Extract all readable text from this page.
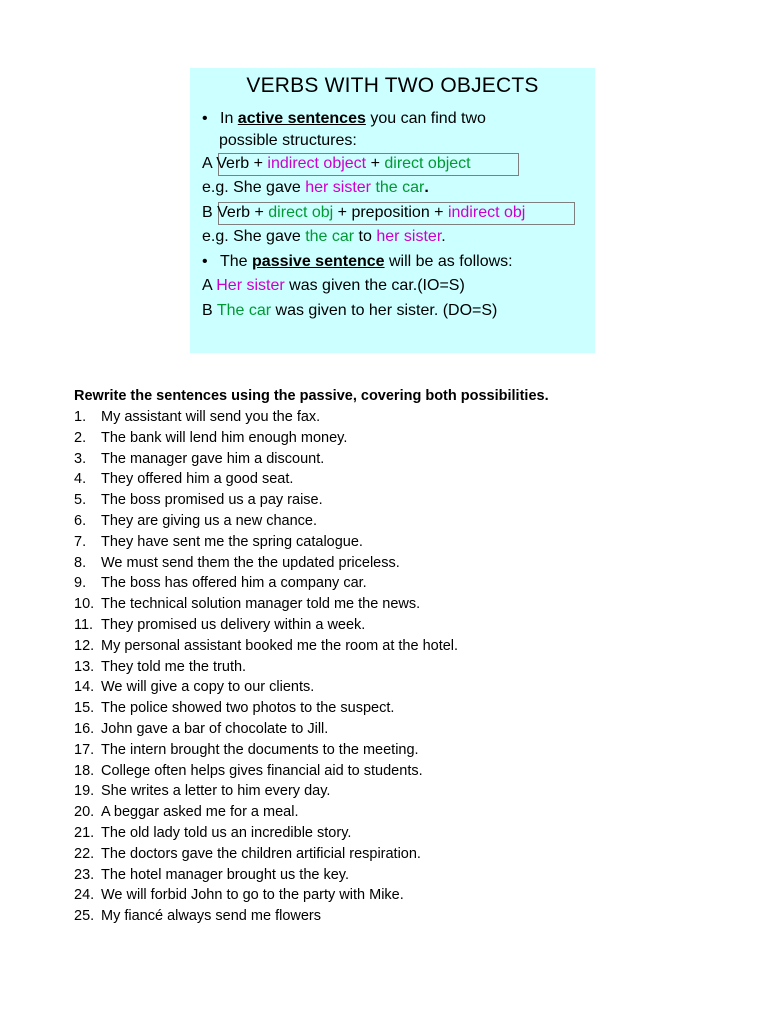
VERBS WITH TWO OBJECTS
• In active sentences you can find two
possible structures:
A Verb + indirect object + direct object
e.g. She gave her sister the car.
B Verb + direct obj + preposition + indirect obj
e.g. She gave the car to her sister.
• The passive sentence will be as follows:
A Her sister was given the car.(IO=S)
B The car was given to her sister. (DO=S)
Rewrite the sentences using the passive, covering both possibilities.
1. My assistant will send you the fax.
2. The bank will lend him enough money.
3. The manager gave him a discount.
4. They offered him a good seat.
5. The boss promised us a pay raise.
6. They are giving us a new chance.
7. They have sent me the spring catalogue.
8. We must send them the the updated priceless.
9. The boss has offered him a company car.
10. The technical solution manager told me the news.
11. They promised us delivery within a week.
12. My personal assistant booked me the room at the hotel.
13. They told me the truth.
14. We will give a copy to our clients.
15. The police showed two photos to the suspect.
16. John gave a bar of chocolate to Jill.
17. The intern brought the documents to the meeting.
18. College often helps gives financial aid to students.
19. She writes a letter to him every day.
20. A beggar asked me for a meal.
21. The old lady told us an incredible story.
22. The doctors gave the children artificial respiration.
23. The hotel manager brought us the key.
24. We will forbid John to go to the party with Mike.
25. My fiancé always send me flowers
